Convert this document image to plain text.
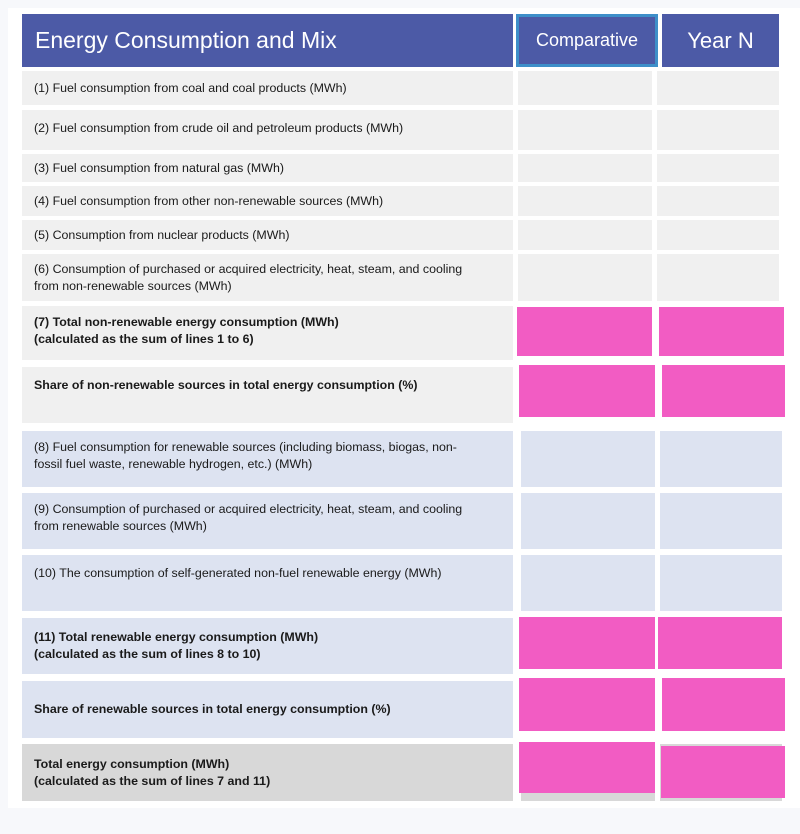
Energy Consumption and Mix	Comparative	Year N
(1) Fuel consumption from coal and coal products (MWh)
(2) Fuel consumption from crude oil and petroleum products (MWh)
(3) Fuel consumption from natural gas (MWh)
(4) Fuel consumption from other non-renewable sources (MWh)
(5) Consumption from nuclear products (MWh)
(6) Consumption of purchased or acquired electricity, heat, steam, and cooling
from non-renewable sources (MWh)
(7) Total non-renewable energy consumption (MWh)
(calculated as the sum of lines 1 to 6)
Share of non-renewable sources in total energy consumption (%)
(8) Fuel consumption for renewable sources (including biomass, biogas, non-
fossil fuel waste, renewable hydrogen, etc.) (MWh)
(9) Consumption of purchased or acquired electricity, heat, steam, and cooling
from renewable sources (MWh)
(10) The consumption of self-generated non-fuel renewable energy (MWh)
(11) Total renewable energy consumption (MWh)
(calculated as the sum of lines 8 to 10)
Share of renewable sources in total energy consumption (%)
Total energy consumption (MWh)
(calculated as the sum of lines 7 and 11)
